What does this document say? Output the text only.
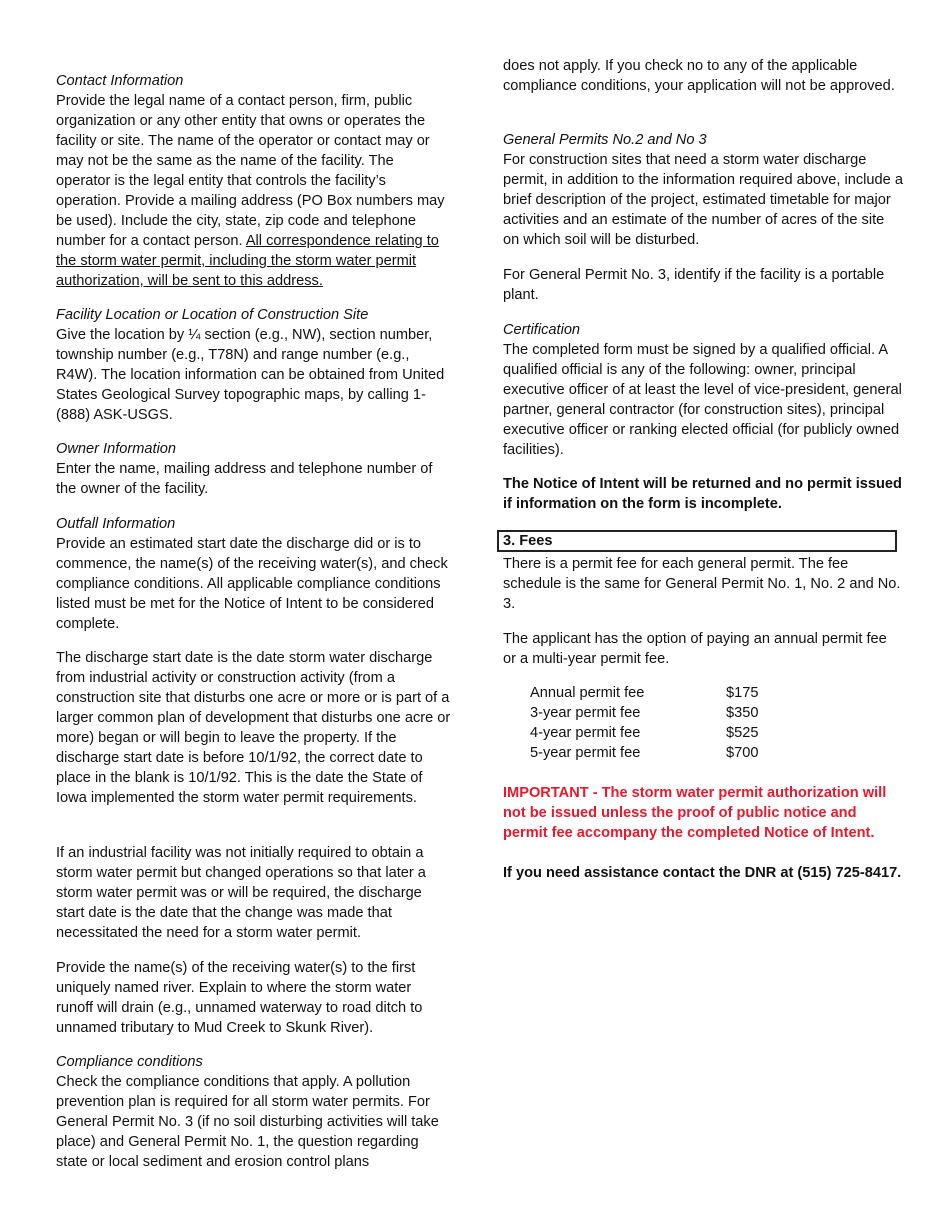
Contact Information

Provide the legal name of a contact person, firm, public organization or any other entity that owns or operates the facility or site. The name of the operator or contact may or may not be the same as the name of the facility. The operator is the legal entity that controls the facility’s operation. Provide a mailing address (PO Box numbers may be used). Include the city, state, zip code and telephone number for a contact person. All correspondence relating to the storm water permit, including the storm water permit authorization, will be sent to this address.

Facility Location or Location of Construction Site

Give the location by ¼ section (e.g., NW), section number, township number (e.g., T78N) and range number (e.g., R4W). The location information can be obtained from United States Geological Survey topographic maps, by calling 1-(888) ASK-USGS.

Owner Information

Enter the name, mailing address and telephone number of the owner of the facility.

Outfall Information

Provide an estimated start date the discharge did or is to commence, the name(s) of the receiving water(s), and check compliance conditions. All applicable compliance conditions listed must be met for the Notice of Intent to be considered complete.

The discharge start date is the date storm water discharge from industrial activity or construction activity (from a construction site that disturbs one acre or more or is part of a larger common plan of development that disturbs one acre or more) began or will begin to leave the property. If the discharge start date is before 10/1/92, the correct date to place in the blank is 10/1/92. This is the date the State of Iowa implemented the storm water permit requirements.

If an industrial facility was not initially required to obtain a storm water permit but changed operations so that later a storm water permit was or will be required, the discharge start date is the date that the change was made that necessitated the need for a storm water permit.

Provide the name(s) of the receiving water(s) to the first uniquely named river. Explain to where the storm water runoff will drain (e.g., unnamed waterway to road ditch to unnamed tributary to Mud Creek to Skunk River).

Compliance conditions

Check the compliance conditions that apply. A pollution prevention plan is required for all storm water permits. For General Permit No. 3 (if no soil disturbing activities will take place) and General Permit No. 1, the question regarding state or local sediment and erosion control plans

does not apply. If you check no to any of the applicable compliance conditions, your application will not be approved.

General Permits No.2 and No 3

For construction sites that need a storm water discharge permit, in addition to the information required above, include a brief description of the project, estimated timetable for major activities and an estimate of the number of acres of the site on which soil will be disturbed.

For General Permit No. 3, identify if the facility is a portable plant.

Certification

The completed form must be signed by a qualified official. A qualified official is any of the following: owner, principal executive officer of at least the level of vice-president, general partner, general contractor (for construction sites), principal executive officer or ranking elected official (for publicly owned facilities).

The Notice of Intent will be returned and no permit issued if information on the form is incomplete.

There is a permit fee for each general permit. The fee schedule is the same for General Permit No. 1, No. 2 and No. 3.

The applicant has the option of paying an annual permit fee or a multi-year permit fee.

IMPORTANT - The storm water permit authorization will not be issued unless the proof of public notice and permit fee accompany the completed Notice of Intent.

If you need assistance contact the DNR at (515) 725-8417.

3. Fees
Annual permit fee	$175
3-year permit fee	$350
4-year permit fee	$525
5-year permit fee	$700
